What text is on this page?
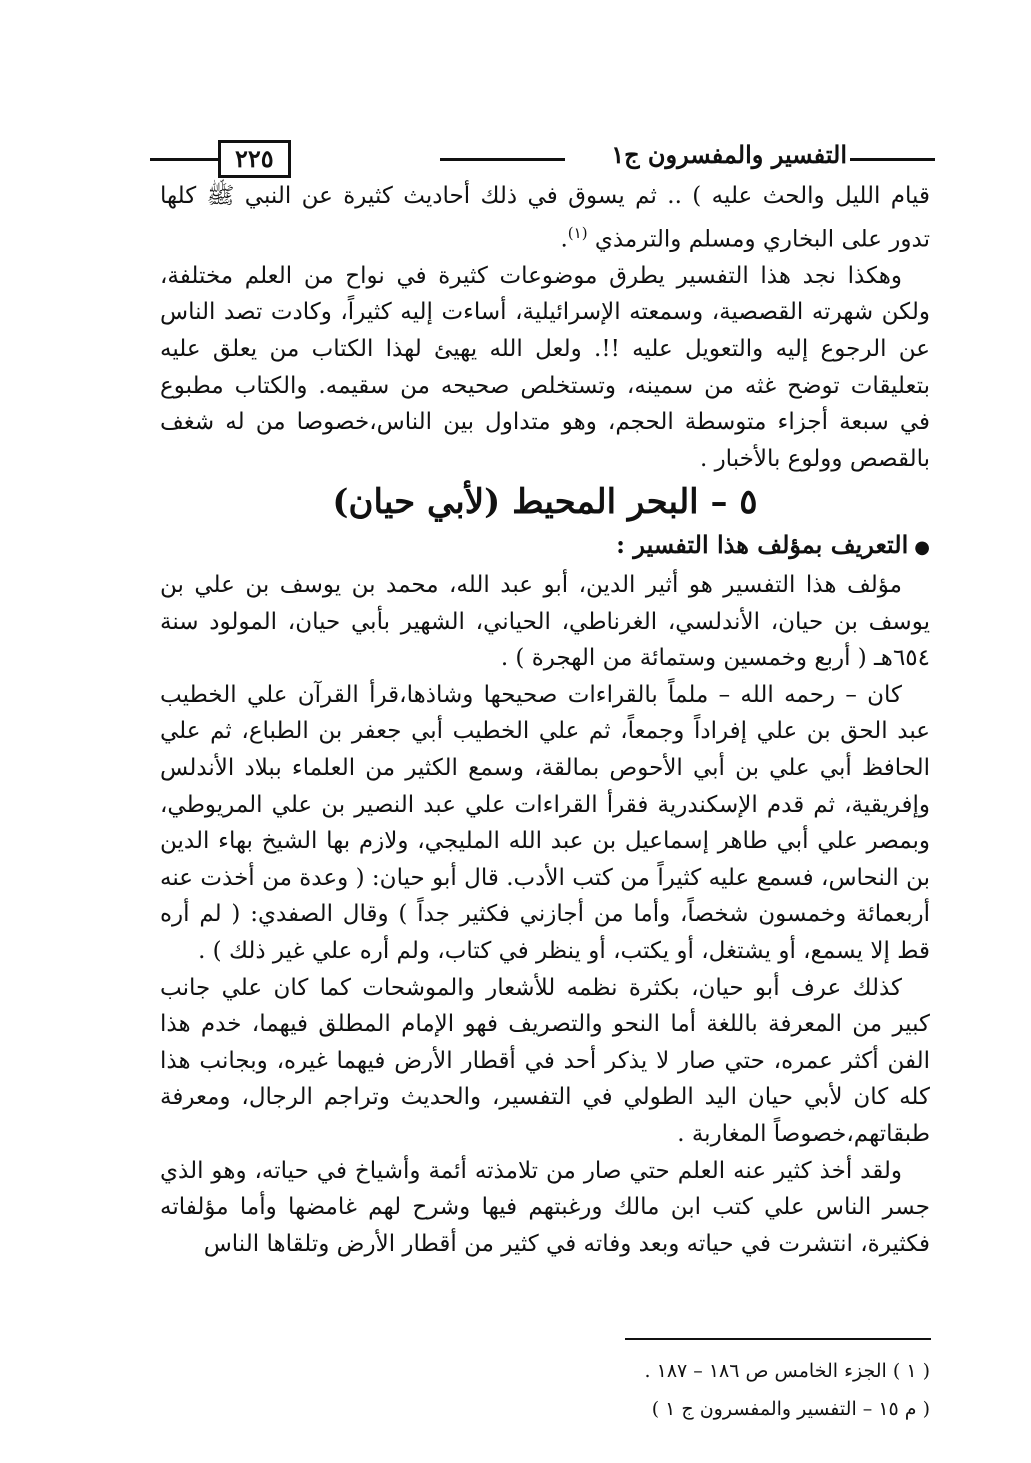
التفسير والمفسرون ج١
٢٢٥

قيام الليل والحث عليه ) .. ثم يسوق في ذلك أحاديث كثيرة عن النبي ﷺ كلها تدور على البخاري ومسلم والترمذي $^{(١)}$.

وهكذا نجد هذا التفسير يطرق موضوعات كثيرة في نواح من العلم مختلفة، ولكن شهرته القصصية، وسمعته الإسرائيلية، أساءت إليه كثيراً، وكادت تصد الناس عن الرجوع إليه والتعويل عليه !!. ولعل الله يهيئ لهذا الكتاب من يعلق عليه بتعليقات توضح غثه من سمينه، وتستخلص صحيحه من سقيمه. والكتاب مطبوع في سبعة أجزاء متوسطة الحجم، وهو متداول بين الناس،خصوصا من له شغف بالقصص وولوع بالأخبار .

٥ – البحر المحيط (لأبي حيان)

●التعريف بمؤلف هذا التفسير :

مؤلف هذا التفسير هو أثير الدين، أبو عبد الله، محمد بن يوسف بن علي بن يوسف بن حيان، الأندلسي، الغرناطي، الحياني، الشهير بأبي حيان، المولود سنة ٦٥٤هـ ( أربع وخمسين وستمائة من الهجرة ) .

كان – رحمه الله – ملماً بالقراءات صحيحها وشاذها،قرأ القرآن علي الخطيب عبد الحق بن علي إفراداً وجمعاً، ثم علي الخطيب أبي جعفر بن الطباع، ثم علي الحافظ أبي علي بن أبي الأحوص بمالقة، وسمع الكثير من العلماء ببلاد الأندلس وإفريقية، ثم قدم الإسكندرية فقرأ القراءات علي عبد النصير بن علي المريوطي، وبمصر علي أبي طاهر إسماعيل بن عبد الله المليجي، ولازم بها الشيخ بهاء الدين بن النحاس، فسمع عليه كثيراً من كتب الأدب. قال أبو حيان: ( وعدة من أخذت عنه أربعمائة وخمسون شخصاً، وأما من أجازني فكثير جداً ) وقال الصفدي: ( لم أره قط إلا يسمع، أو يشتغل، أو يكتب، أو ينظر في كتاب، ولم أره علي غير ذلك ) .

كذلك عرف أبو حيان، بكثرة نظمه للأشعار والموشحات كما كان علي جانب كبير من المعرفة باللغة أما النحو والتصريف فهو الإمام المطلق فيهما، خدم هذا الفن أكثر عمره، حتي صار لا يذكر أحد في أقطار الأرض فيهما غيره، وبجانب هذا كله كان لأبي حيان اليد الطولي في التفسير، والحديث وتراجم الرجال، ومعرفة طبقاتهم،خصوصاً المغاربة .

ولقد أخذ كثير عنه العلم حتي صار من تلامذته أئمة وأشياخ في حياته، وهو الذي جسر الناس علي كتب ابن مالك ورغبتهم فيها وشرح لهم غامضها وأما مؤلفاته فكثيرة، انتشرت في حياته وبعد وفاته في كثير من أقطار الأرض وتلقاها الناس

( ١ ) الجزء الخامس ص ١٨٦ – ١٨٧ .
( م ١٥ – التفسير والمفسرون ج ١ )
